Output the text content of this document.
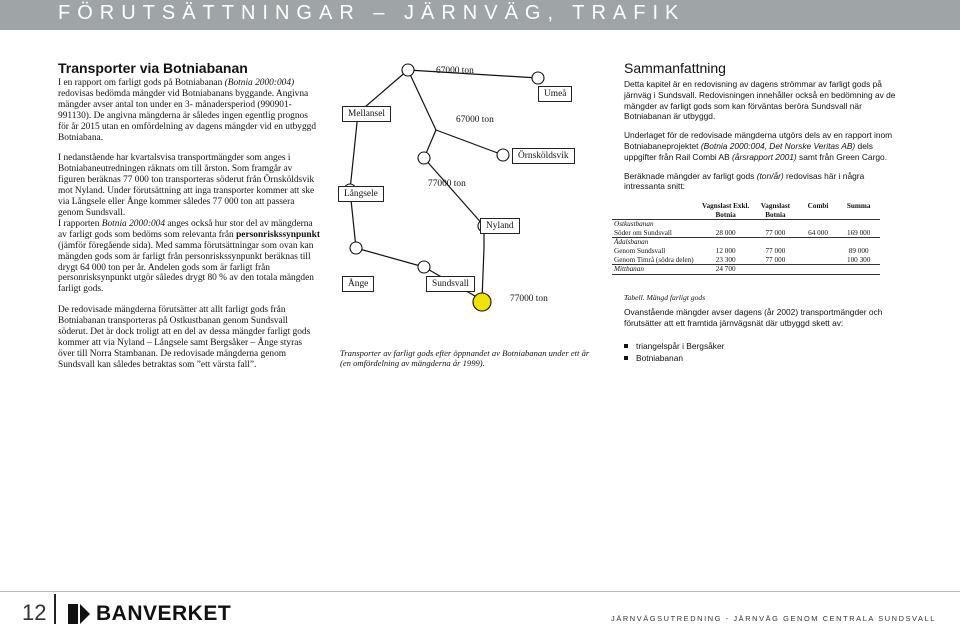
FÖRUTSÄTTNINGAR – JÄRNVÄG, TRAFIK
Transporter via Botniabanan

I en rapport om farligt gods på Botniabanan (Botnia 2000:004) redovisas bedömda mängder vid Botniabanans byggande. Angivna mängder avser antal ton under en 3- månadersperiod (990901-991130). De angivna mängderna är således ingen egentlig prognos för år 2015 utan en omfördelning av dagens mängder vid en utbyggd Botniabana.

I nedanstående har kvartalsvisa transportmängder som anges i Botniabaneutredningen räknats om till årston. Som framgår av figuren beräknas 77 000 ton transporteras söderut från Örnsköldsvik mot Nyland. Under förutsättning att inga transporter kommer att ske via Långsele eller Ånge kommer således 77 000 ton att passera genom Sundsvall.

I rapporten Botnia 2000:004 anges också hur stor del av mängderna av farligt gods som bedöms som relevanta från personriskssynpunkt (jämför föregående sida). Med samma förutsättningar som ovan kan mängden gods som är farligt från personriskssynpunkt beräknas till drygt 64 000 ton per år. Andelen gods som är farligt från personrisksynpunkt utgör således drygt 80 % av den totala mängden farligt gods.

De redovisade mängderna förutsätter att allt farligt gods från Botniabanan transporteras på Ostkustbanan genom Sundsvall söderut. Det är dock troligt att en del av dessa mängder farligt gods kommer att via Nyland – Långsele samt Bergsåker – Ånge styras över till Norra Stambanan. De redovisade mängderna genom Sundsvall kan således betraktas som ”ett värsta fall”.

Mellansel
Långsele
Ånge
Umeå
Örnsköldsvik
Nyland
Sundsvall
67000 ton
67000 ton
77000 ton
77000 ton

Transporter av farligt gods efter öppnandet av Botniabanan under ett år (en omfördelning av mängderna år 1999).

Sammanfattning

Detta kapitel är en redovisning av dagens strömmar av farligt gods på järnväg i Sundsvall. Redovisningen innehåller också en bedömning av de mängder av farligt gods som kan förväntas beröra Sundsvall när Botniabanan är utbyggd.

Underlaget för de redovisade mängderna utgörs dels av en rapport inom Botniabaneprojektet (Botnia 2000:004, Det Norske Veritas AB) dels uppgifter från Rail Combi AB (årsrapport 2001) samt från Green Cargo.

Beräknade mängder av farligt gods (ton/år) redovisas här i några intressanta snitt:

	Vagnslast Exkl. Botnia	Vagnslast Botnia	Combi	Summa
Ostkustbanan				
Söder om Sundsvall	28 000	77 000	64 000	169 000
Ådalsbanan				
Genom Sundsvall	12 000	77 000		89 000
Genom Timrå (södra delen)	23 300	77 000		100 300
Mittbanan	24 700			
Tabell. Mängd farligt gods

Ovanstående mängder avser dagens (år 2002) transportmängder och förutsätter att ett framtida järnvägsnät där utbyggd skett av:

triangelspår i Bergsåker
Botniabanan
12 BANVERKET	JÄRNVÄGSUTREDNING - JÄRNVÄG GENOM CENTRALA SUNDSVALL
